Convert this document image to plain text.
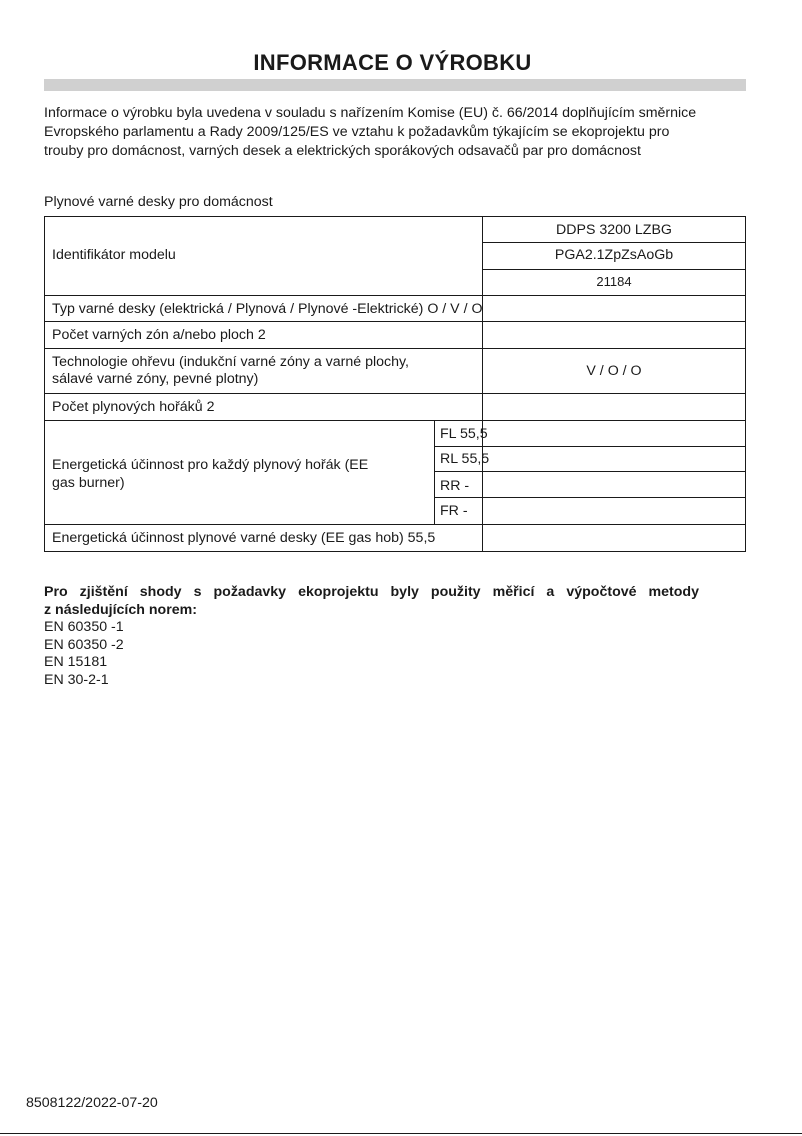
INFORMACE O VÝROBKU
Informace o výrobku byla uvedena v souladu s nařízením Komise (EU) č. 66/2014 doplňujícím směrnice
Evropského parlamentu a Rady 2009/125/ES ve vztahu k požadavkům týkajícím se ekoprojektu pro
trouby pro domácnost, varných desek a elektrických sporákových odsavačů par pro domácnost
Plynové varné desky pro domácnost
Identifikátor modelu
DDPS 3200 LZBG
PGA2.1ZpZsAoGb
21184
Typ varné desky (elektrická / Plynová / Plynové -Elektrické) O / V / O
Počet varných zón a/nebo ploch 2
Technologie ohřevu (indukční varné zóny a varné plochy,
sálavé varné zóny, pevné plotny)	V / O / O
Počet plynových hořáků 2
Energetická účinnost pro každý plynový hořák (EE
gas burner)
FL 55,5
RL 55,5
RR -
FR -
Energetická účinnost plynové varné desky (EE gas hob) 55,5
Pro zjištění shody s požadavky ekoprojektu byly použity měřicí a výpočtové metody
z následujících norem:
EN 60350 -1
EN 60350 -2
EN 15181
EN 30-2-1
8508122/2022-07-20
